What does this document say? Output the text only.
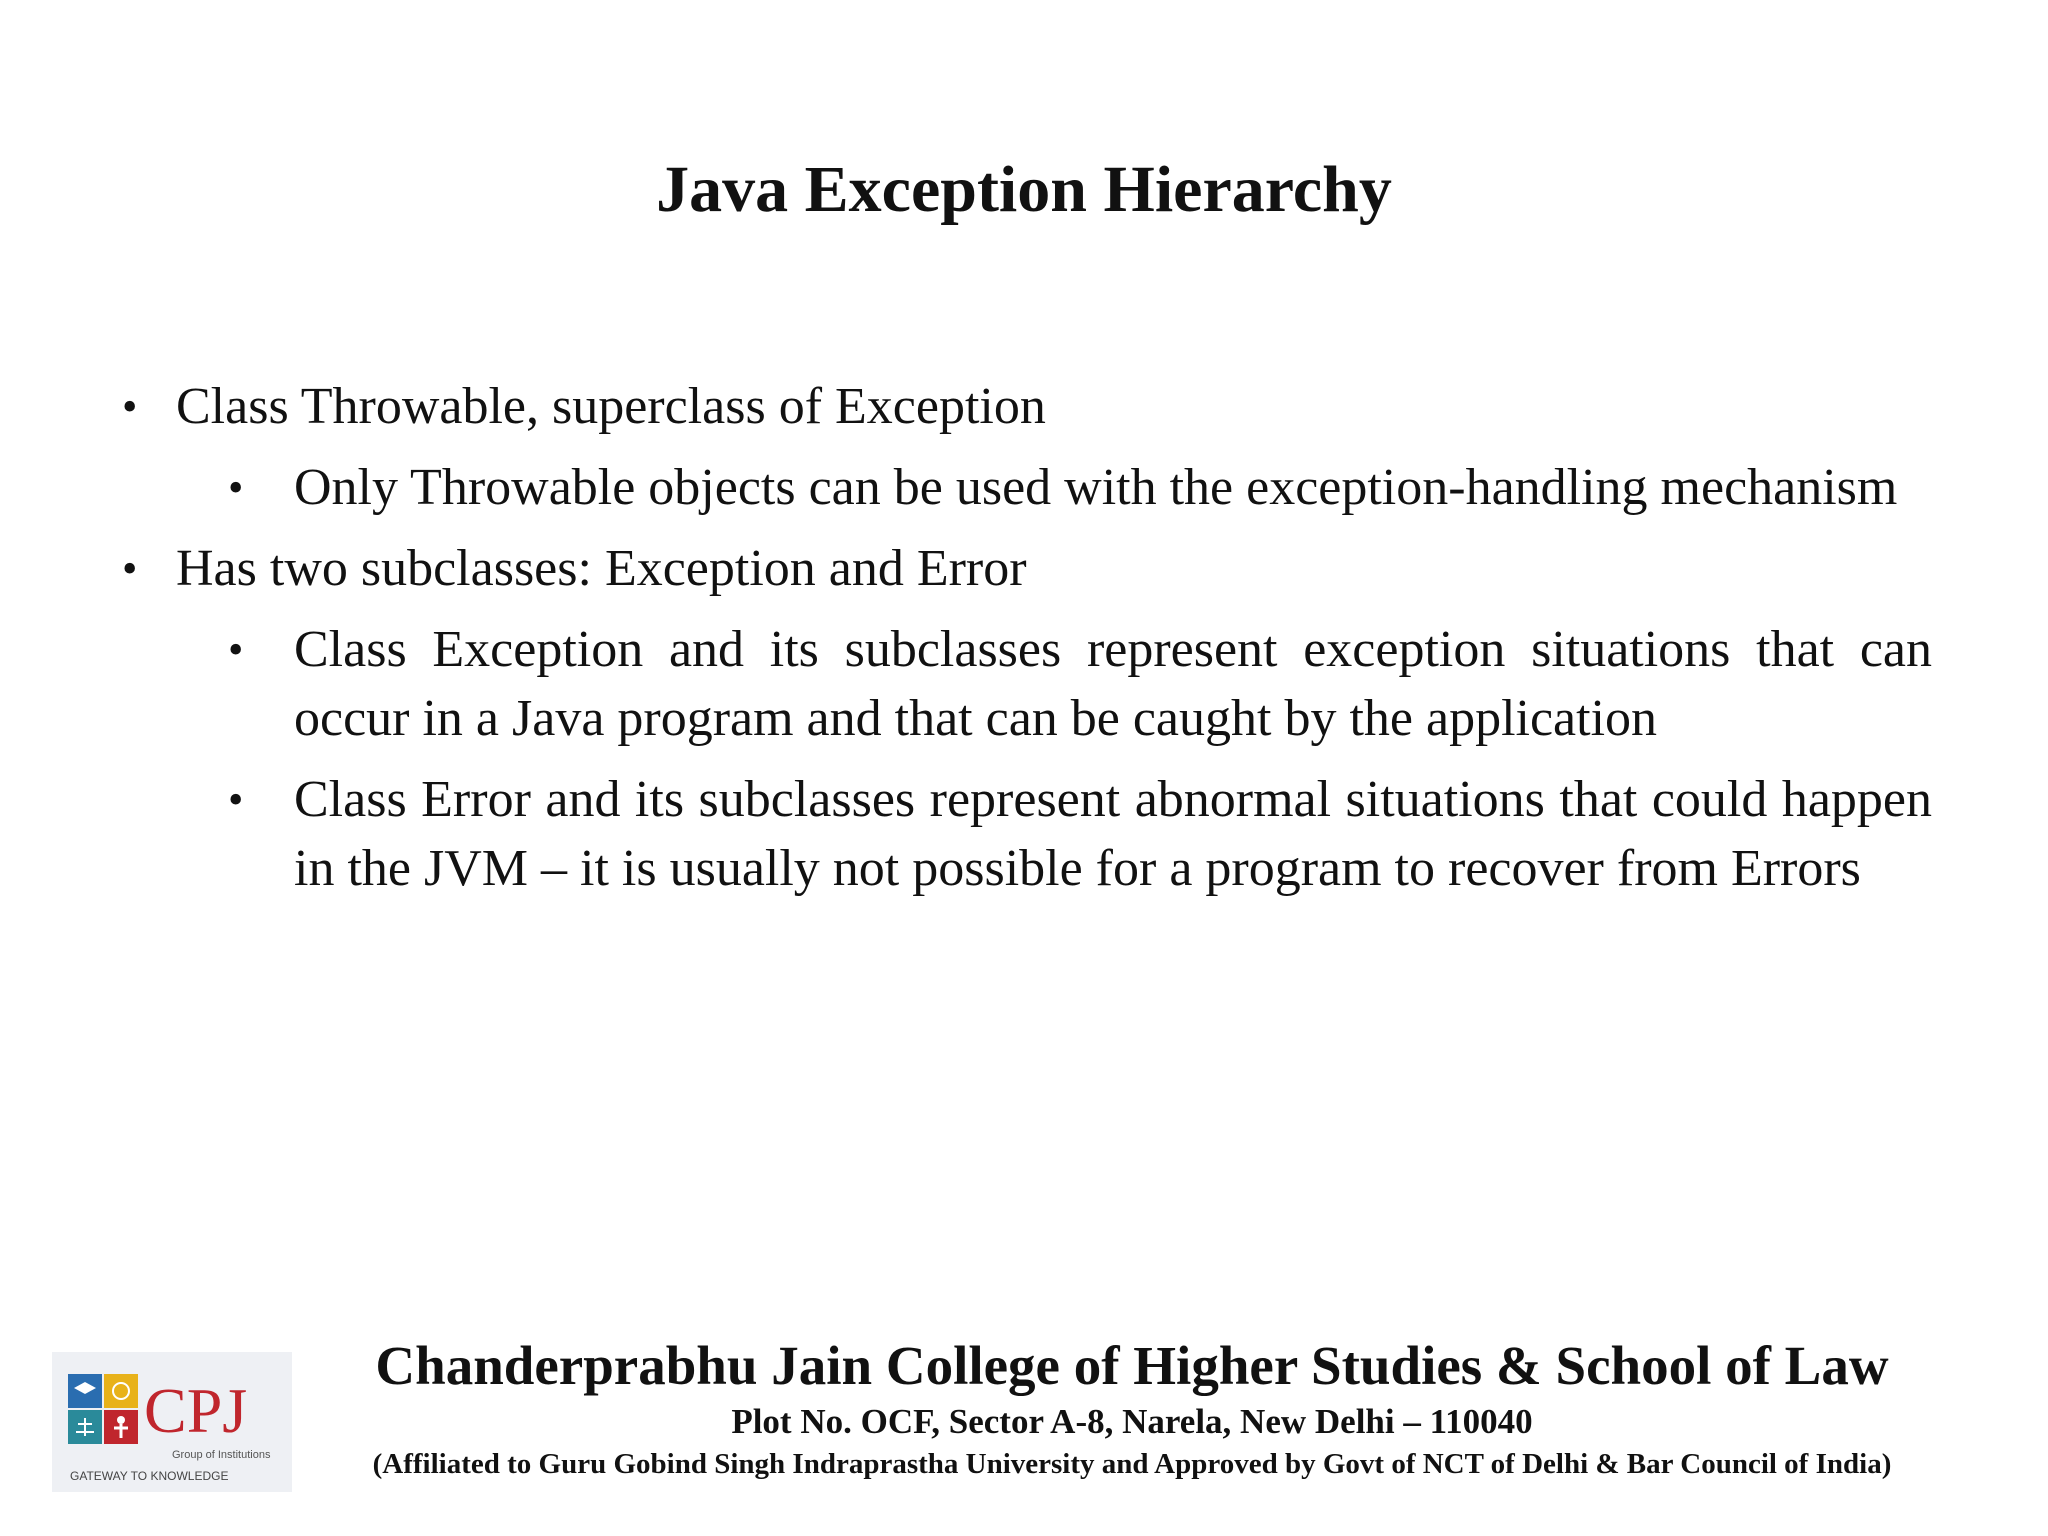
Java Exception Hierarchy
• Class Throwable, superclass of Exception
• Only Throwable objects can be used with the exception-handling mechanism
• Has two subclasses: Exception and Error
• Class Exception and its subclasses represent exception situations that can occur in a Java program and that can be caught by the application
• Class Error and its subclasses represent abnormal situations that could happen in the JVM – it is usually not possible for a program to recover from Errors
CPJ
Group of Institutions
GATEWAY TO KNOWLEDGE
Chanderprabhu Jain College of Higher Studies & School of Law
Plot No. OCF, Sector A-8, Narela, New Delhi – 110040
(Affiliated to Guru Gobind Singh Indraprastha University and Approved by Govt of NCT of Delhi & Bar Council of India)
